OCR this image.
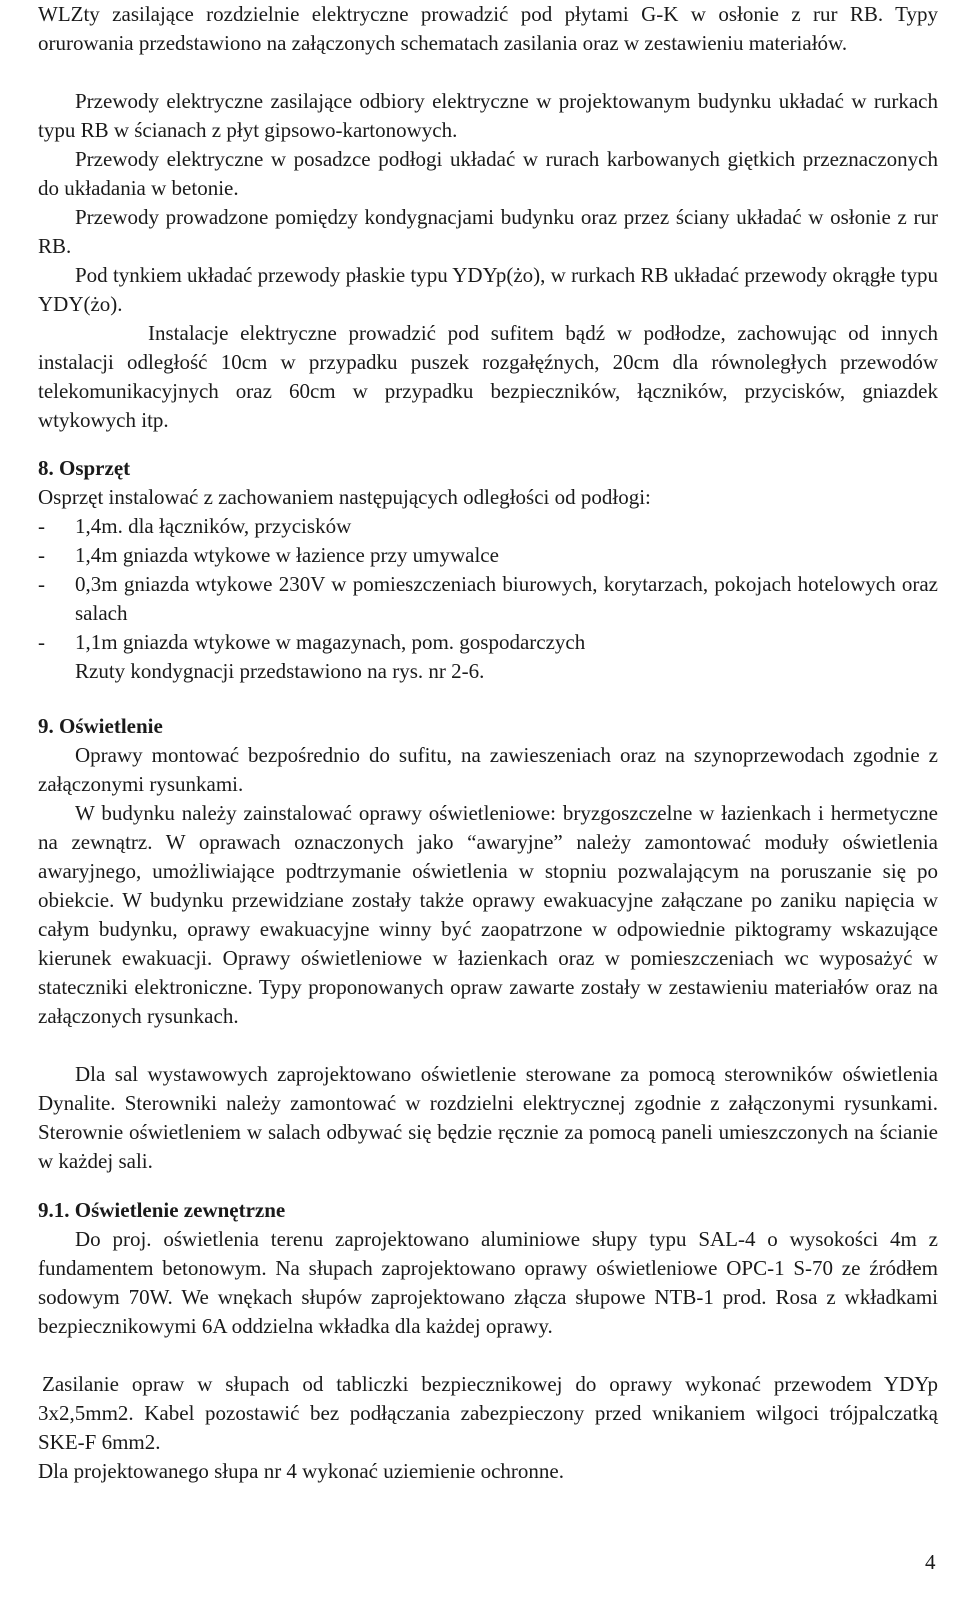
WLZty zasilające rozdzielnie elektryczne prowadzić pod płytami G-K w osłonie z rur RB. Typy orurowania przedstawiono na załączonych schematach zasilania oraz w zestawieniu materiałów.

Przewody elektryczne zasilające odbiory elektryczne w projektowanym budynku układać w rurkach typu RB w ścianach z płyt gipsowo-kartonowych.

Przewody elektryczne w posadzce podłogi układać w rurach karbowanych giętkich przeznaczonych do układania w betonie.

Przewody prowadzone pomiędzy kondygnacjami budynku oraz przez ściany układać w osłonie z rur RB.

Pod tynkiem układać przewody płaskie typu YDYp(żo), w rurkach RB układać przewody okrągłe typu YDY(żo).

Instalacje elektryczne prowadzić pod sufitem bądź w podłodze, zachowując od innych instalacji odległość 10cm w przypadku puszek rozgałęźnych, 20cm dla równoległych przewodów telekomunikacyjnych oraz 60cm w przypadku bezpieczników, łączników, przycisków, gniazdek wtykowych itp.

8. Osprzęt

Osprzęt instalować z zachowaniem następujących odległości od podłogi:

- 1,4m. dla łączników, przycisków
- 1,4m gniazda wtykowe w łazience przy umywalce
- 0,3m gniazda wtykowe 230V w pomieszczeniach biurowych, korytarzach, pokojach hotelowych oraz salach
- 1,1m gniazda wtykowe w magazynach, pom. gospodarczych

Rzuty kondygnacji przedstawiono na rys. nr 2-6.

9. Oświetlenie

Oprawy montować bezpośrednio do sufitu, na zawieszeniach oraz na szynoprzewodach zgodnie z załączonymi rysunkami.

W budynku należy zainstalować oprawy oświetleniowe: bryzgoszczelne w łazienkach i hermetyczne na zewnątrz. W oprawach oznaczonych jako “awaryjne” należy zamontować moduły oświetlenia awaryjnego, umożliwiające podtrzymanie oświetlenia w stopniu pozwalającym na poruszanie się po obiekcie. W budynku przewidziane zostały także oprawy ewakuacyjne załączane po zaniku napięcia w całym budynku, oprawy ewakuacyjne winny być zaopatrzone w odpowiednie piktogramy wskazujące kierunek ewakuacji. Oprawy oświetleniowe w łazienkach oraz w pomieszczeniach wc wyposażyć w stateczniki elektroniczne. Typy proponowanych opraw zawarte zostały w zestawieniu materiałów oraz na załączonych rysunkach.

Dla sal wystawowych zaprojektowano oświetlenie sterowane za pomocą sterowników oświetlenia Dynalite. Sterowniki należy zamontować w rozdzielni elektrycznej zgodnie z załączonymi rysunkami. Sterownie oświetleniem w salach odbywać się będzie ręcznie za pomocą paneli umieszczonych na ścianie w każdej sali.

9.1. Oświetlenie zewnętrzne

Do proj. oświetlenia terenu zaprojektowano aluminiowe słupy typu SAL-4 o wysokości 4m z fundamentem betonowym. Na słupach zaprojektowano oprawy oświetleniowe OPC-1 S-70 ze źródłem sodowym 70W. We wnękach słupów zaprojektowano złącza słupowe NTB-1 prod. Rosa z wkładkami bezpiecznikowymi 6A oddzielna wkładka dla każdej oprawy.

Zasilanie opraw w słupach od tabliczki bezpiecznikowej do oprawy wykonać przewodem YDYp 3x2,5mm2. Kabel pozostawić bez podłączania zabezpieczony przed wnikaniem wilgoci trójpalczatką SKE-F 6mm2.

Dla projektowanego słupa nr 4 wykonać uziemienie ochronne.

4
